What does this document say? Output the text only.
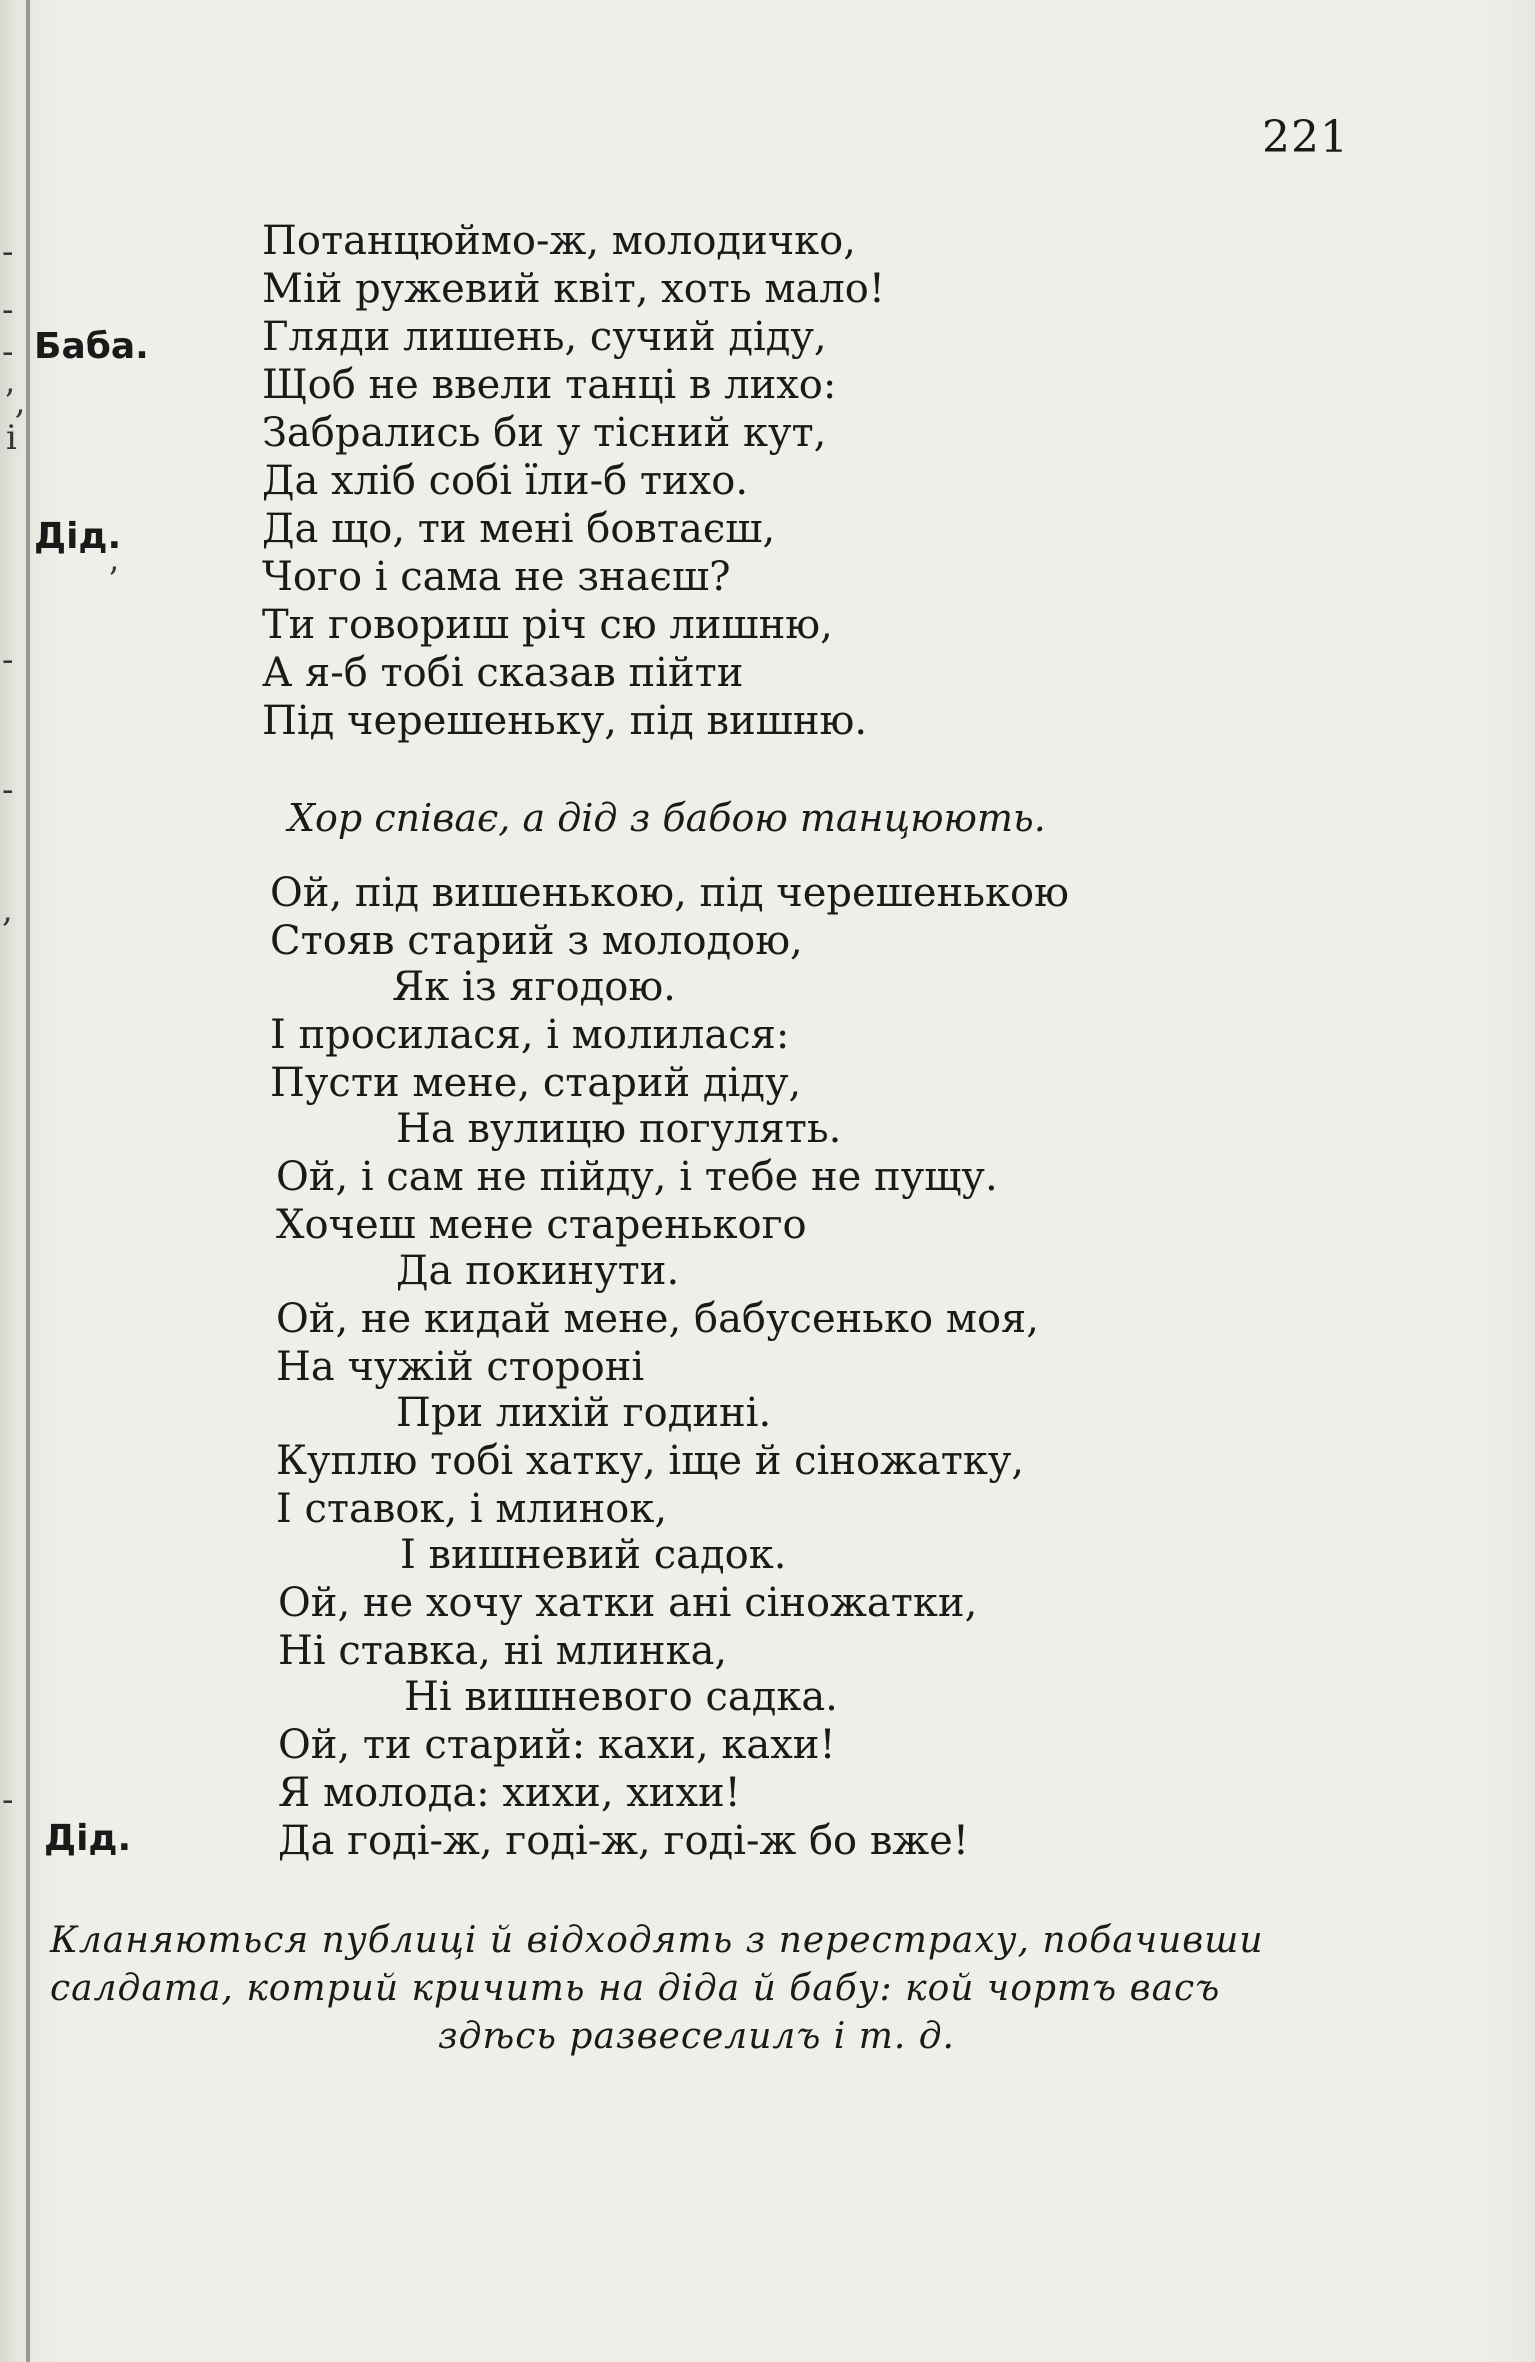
-
-
-
’,
і
’
-
-
,
-
221
Баба.
Дід.
Дід.
Потанцюймо-ж, молодичко,
Мій ружевий квіт, хоть мало!
Гляди лишень, сучий діду,
Щоб не ввели танці в лихо:
Забрались би у тісний кут,
Да хліб собі їли-б тихо.
Да що, ти мені бовтаєш,
Чого і сама не знаєш?
Ти говориш річ сю лишню,
А я-б тобі сказав пійти
Під черешеньку, під вишню.
Хор співає, а дід з бабою танцюють.
Ой, під вишенькою, під черешенькою
Стояв старий з молодою,
Як із ягодою.
І просилася, і молилася:
Пусти мене, старий діду,
На вулицю погулять.
Ой, і сам не пійду, і тебе не пущу.
Хочеш мене старенького
Да покинути.
Ой, не кидай мене, бабусенько моя,
На чужій стороні
При лихій годині.
Куплю тобі хатку, іще й сіножатку,
І ставок, і млинок,
І вишневий садок.
Ой, не хочу хатки ані сіножатки,
Ні ставка, ні млинка,
Ні вишневого садка.
Ой, ти старий: кахи, кахи!
Я молода: хихи, хихи!
Да годі-ж, годі-ж, годі-ж бо вже!
Кланяються публиці й відходять з перестраху, побачивши
салдата, котрий кричить на діда й бабу: кой чортъ васъ
здѣсь развеселилъ і т. д.
